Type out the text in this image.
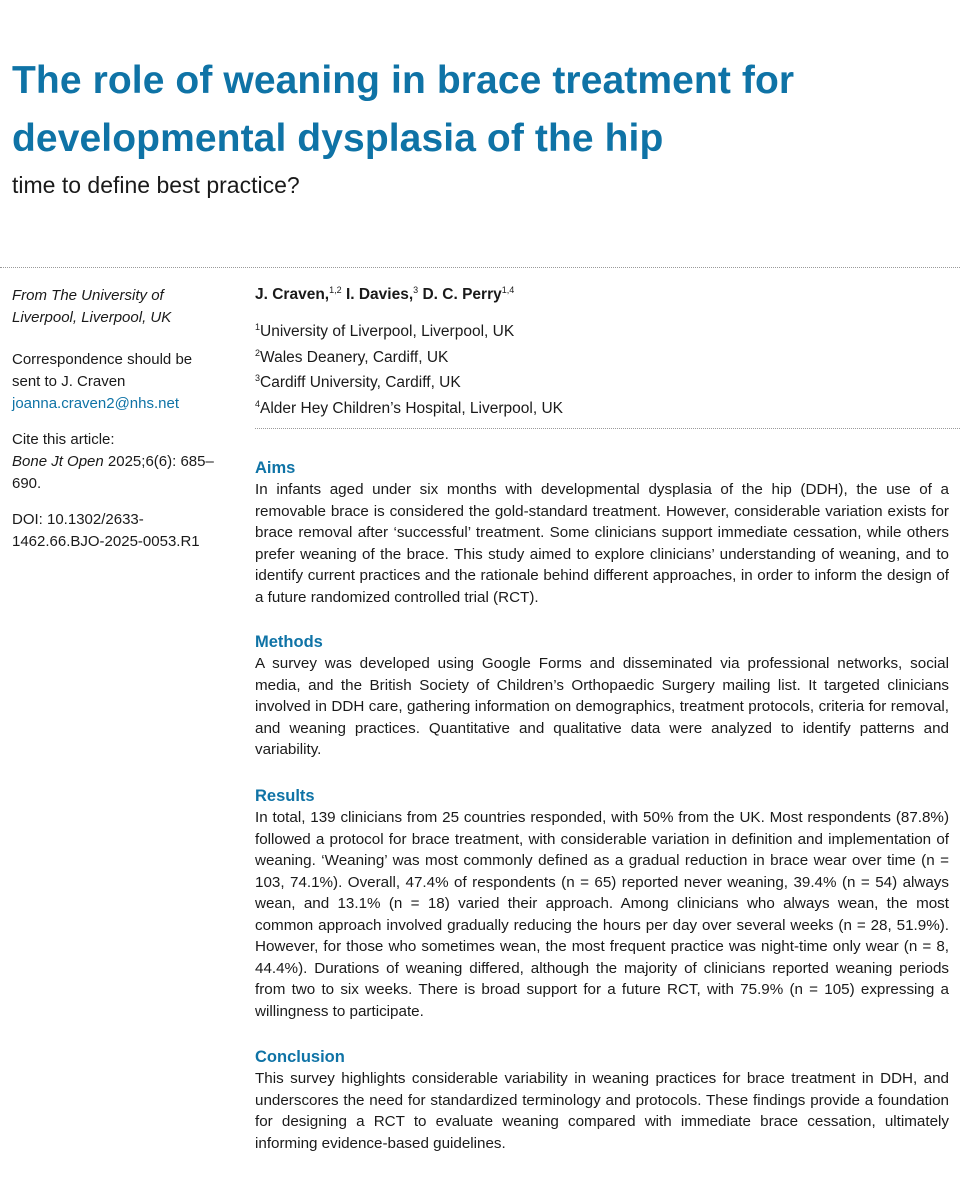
The role of weaning in brace treatment for developmental dysplasia of the hip
time to define best practice?

From The University of Liverpool, Liverpool, UK

Correspondence should be sent to J. Craven joanna.craven2@nhs.net

Cite this article:
Bone Jt Open 2025;6(6): 685–690.

DOI: 10.1302/2633-1462.66.BJO-2025-0053.R1

J. Craven,$^{1,2}$ I. Davies,$^3$ D. C. Perry$^{1,4}$

$^1$University of Liverpool, Liverpool, UK
$^2$Wales Deanery, Cardiff, UK
$^3$Cardiff University, Cardiff, UK
$^4$Alder Hey Children’s Hospital, Liverpool, UK
Aims

In infants aged under six months with developmental dysplasia of the hip (DDH), the use of a removable brace is considered the gold-standard treatment. However, considerable variation exists for brace removal after ‘successful’ treatment. Some clinicians support immediate cessation, while others prefer weaning of the brace. This study aimed to explore clinicians’ understanding of weaning, and to identify current practices and the rationale behind different approaches, in order to inform the design of a future randomized controlled trial (RCT).

Methods

A survey was developed using Google Forms and disseminated via professional networks, social media, and the British Society of Children’s Orthopaedic Surgery mailing list. It targeted clinicians involved in DDH care, gathering information on demographics, treatment protocols, criteria for removal, and weaning practices. Quantitative and qualitative data were analyzed to identify patterns and variability.

Results

In total, 139 clinicians from 25 countries responded, with 50% from the UK. Most respondents (87.8%) followed a protocol for brace treatment, with considerable variation in definition and implementation of weaning. ‘Weaning’ was most commonly defined as a gradual reduction in brace wear over time (n = 103, 74.1%). Overall, 47.4% of respondents (n = 65) reported never weaning, 39.4% (n = 54) always wean, and 13.1% (n = 18) varied their approach. Among clinicians who always wean, the most common approach involved gradually reducing the hours per day over several weeks (n = 28, 51.9%). However, for those who sometimes wean, the most frequent practice was night-time only wear (n = 8, 44.4%). Durations of weaning differed, although the majority of clinicians reported weaning periods from two to six weeks. There is broad support for a future RCT, with 75.9% (n = 105) expressing a willingness to participate.

Conclusion

This survey highlights considerable variability in weaning practices for brace treatment in DDH, and underscores the need for standardized terminology and protocols. These findings provide a foundation for designing a RCT to evaluate weaning compared with immediate brace cessation, ultimately informing evidence-based guidelines.
